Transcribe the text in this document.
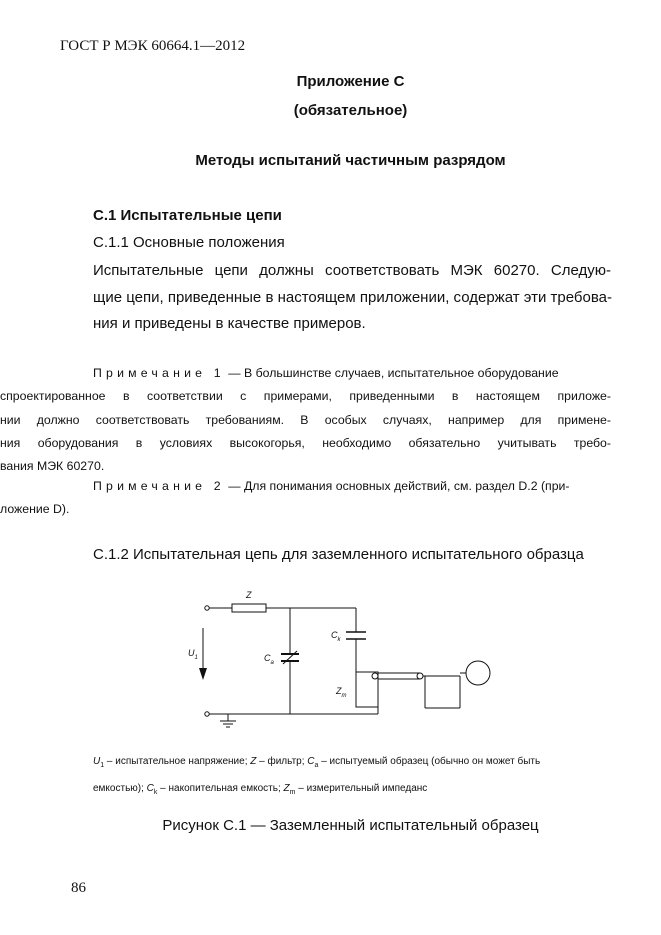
ГОСТ Р МЭК 60664.1—2012
Приложение С
(обязательное)
Методы испытаний частичным разрядом
С.1 Испытательные цепи
С.1.1 Основные положения
Испытательные цепи должны соответствовать МЭК 60270. Следую-
щие цепи, приведенные в настоящем приложении, содержат эти требова-
ния и приведены в качестве примеров.
Примечание 1 — В большинстве случаев, испытательное оборудование
спроектированное в соответствии с примерами, приведенными в настоящем приложе-
нии должно соответствовать требованиям. В особых случаях, например для примене-
ния оборудования в условиях высокогорья, необходимо обязательно учитывать требо-
вания МЭК 60270.
Примечание 2 — Для понимания основных действий, см. раздел D.2 (при-
ложение D).
С.1.2 Испытательная цепь для заземленного испытательного образца
Z
$U_1$	$C_a$
$C_k$
$Z_m$
$U_1$ – испытательное напряжение; Z – фильтр; $C_a$ – испытуемый образец (обычно он может быть
емкостью); $C_k$ – накопительная емкость; $Z_m$ – измерительный импеданс
Рисунок С.1 — Заземленный испытательный образец
86
